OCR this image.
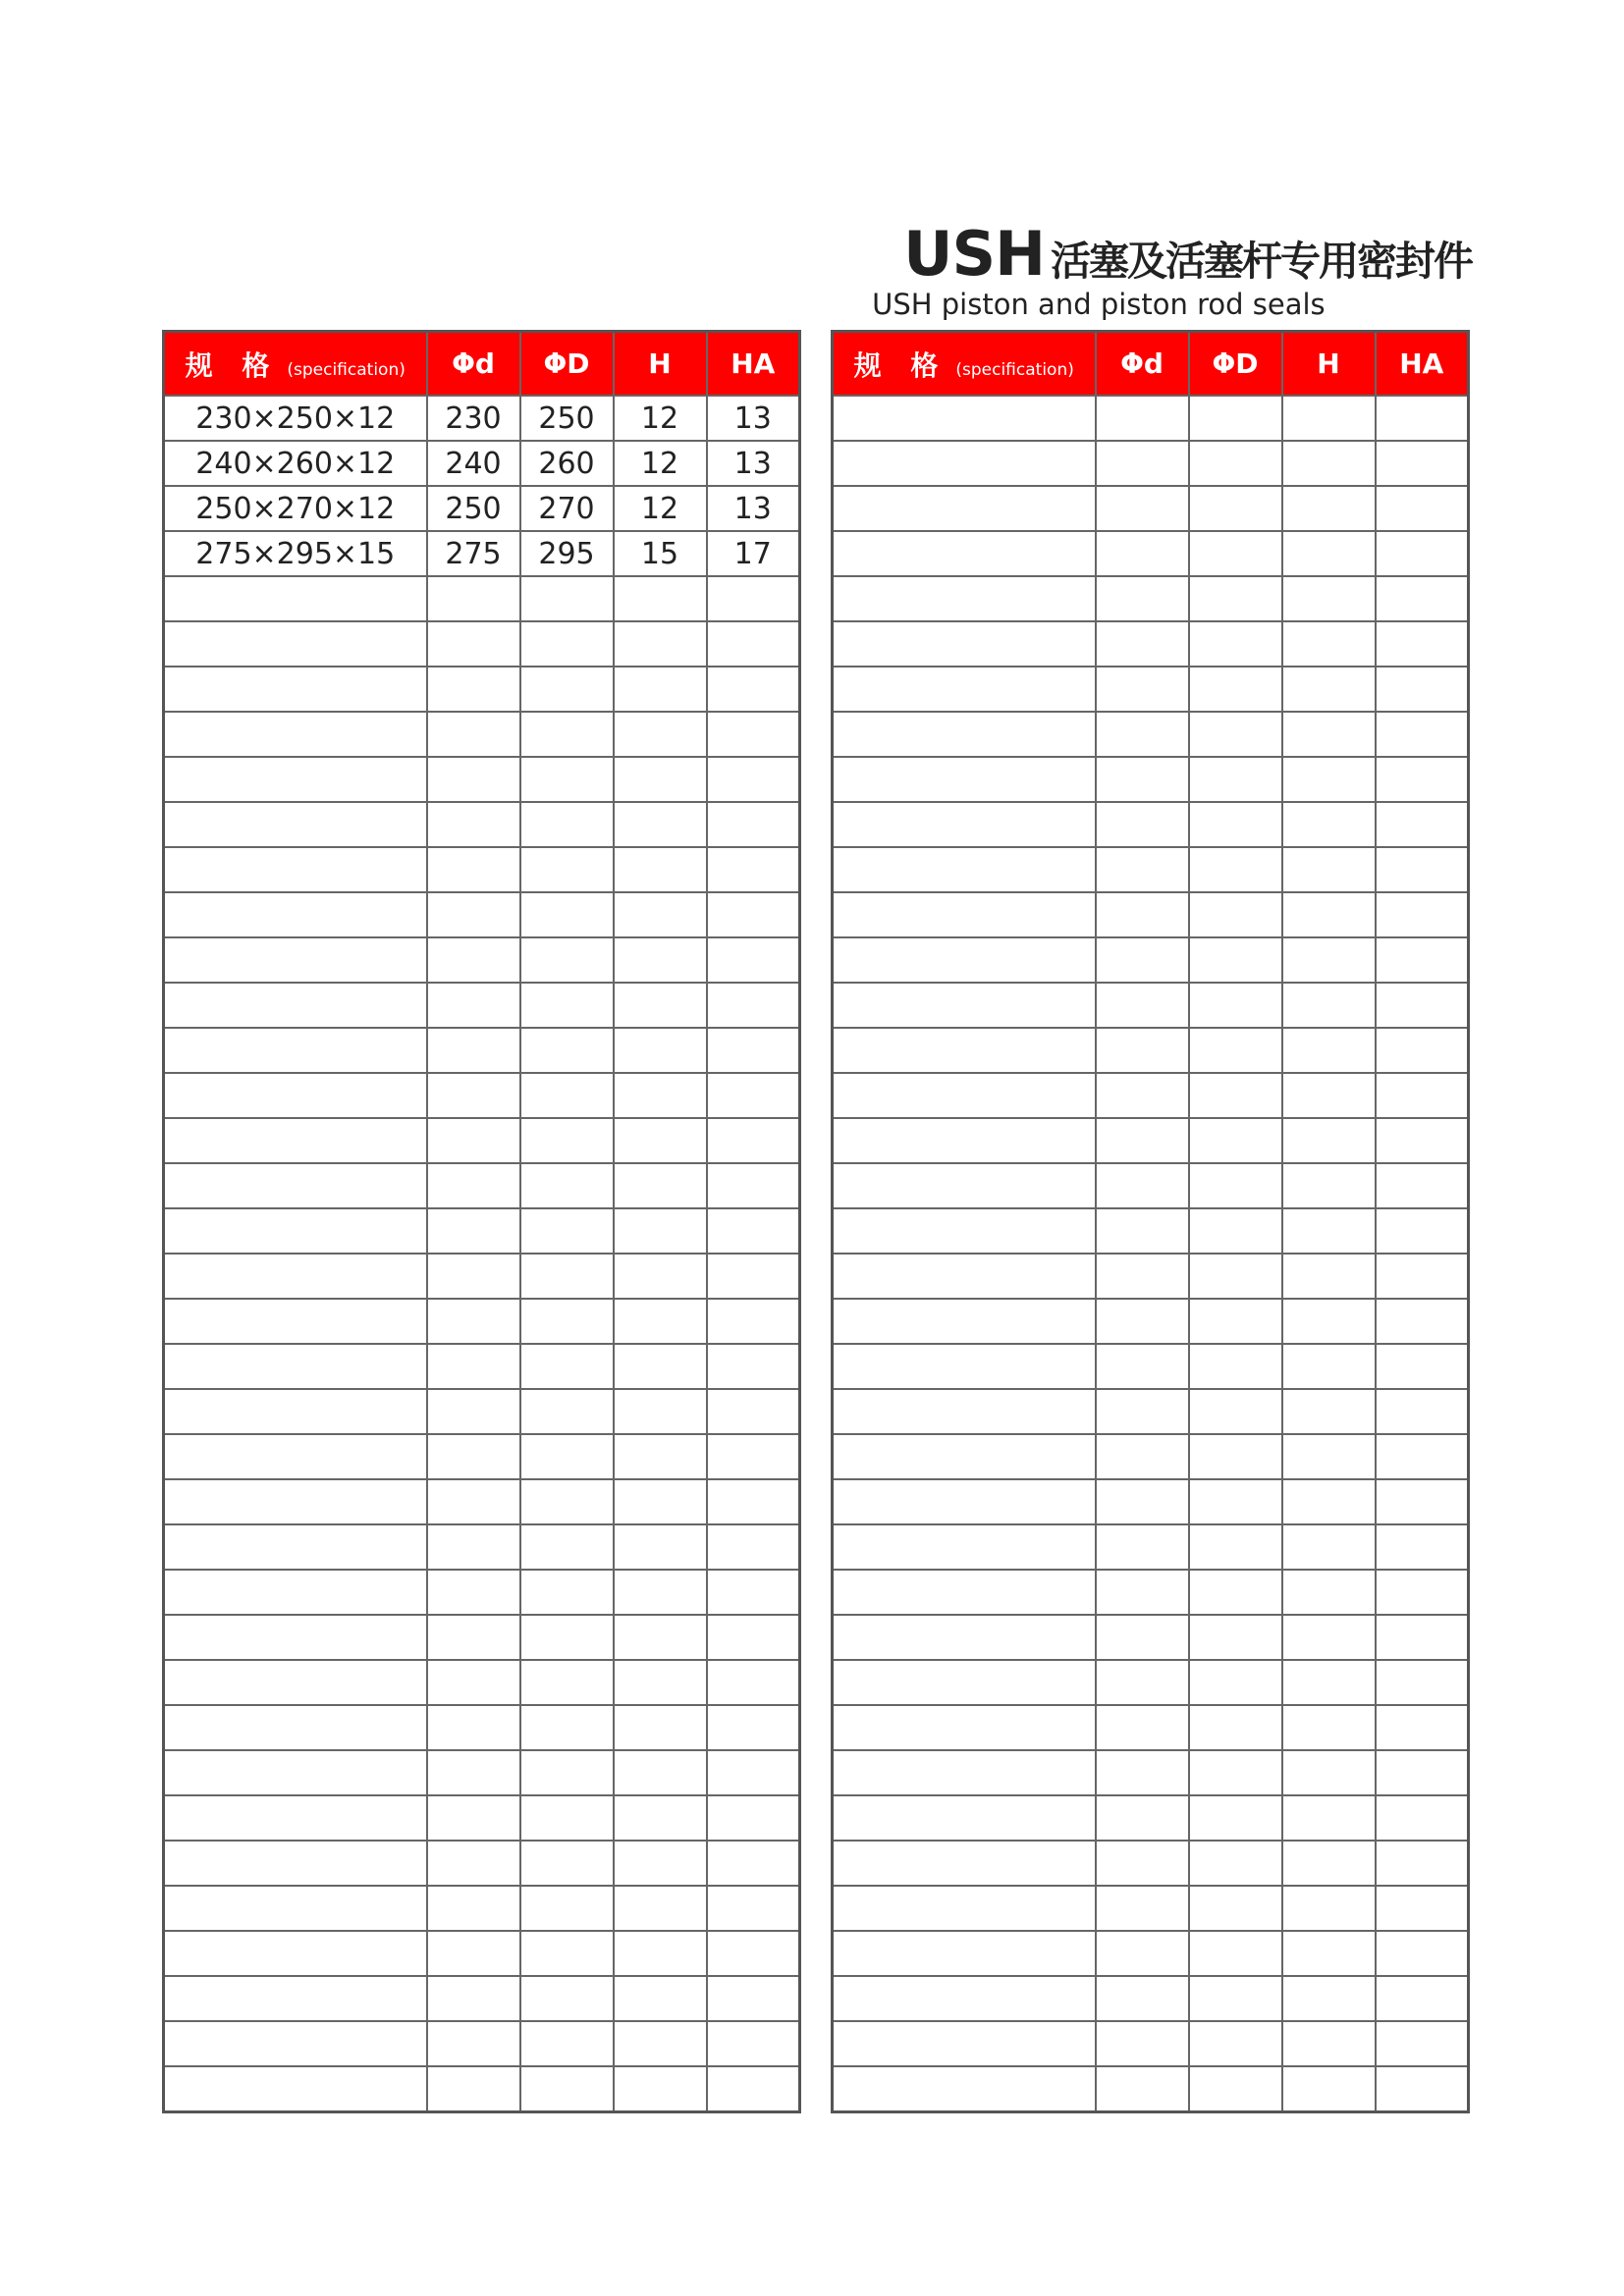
USH 活塞及活塞杆专用密封件
USH piston and piston rod seals
规 格 (specification)	Φd	ΦD	H	HA
230×250×12	230	250	12	13
240×260×12	240	260	12	13
250×270×12	250	270	12	13
275×295×15	275	295	15	17

规 格 (specification)	Φd	ΦD	H	HA
